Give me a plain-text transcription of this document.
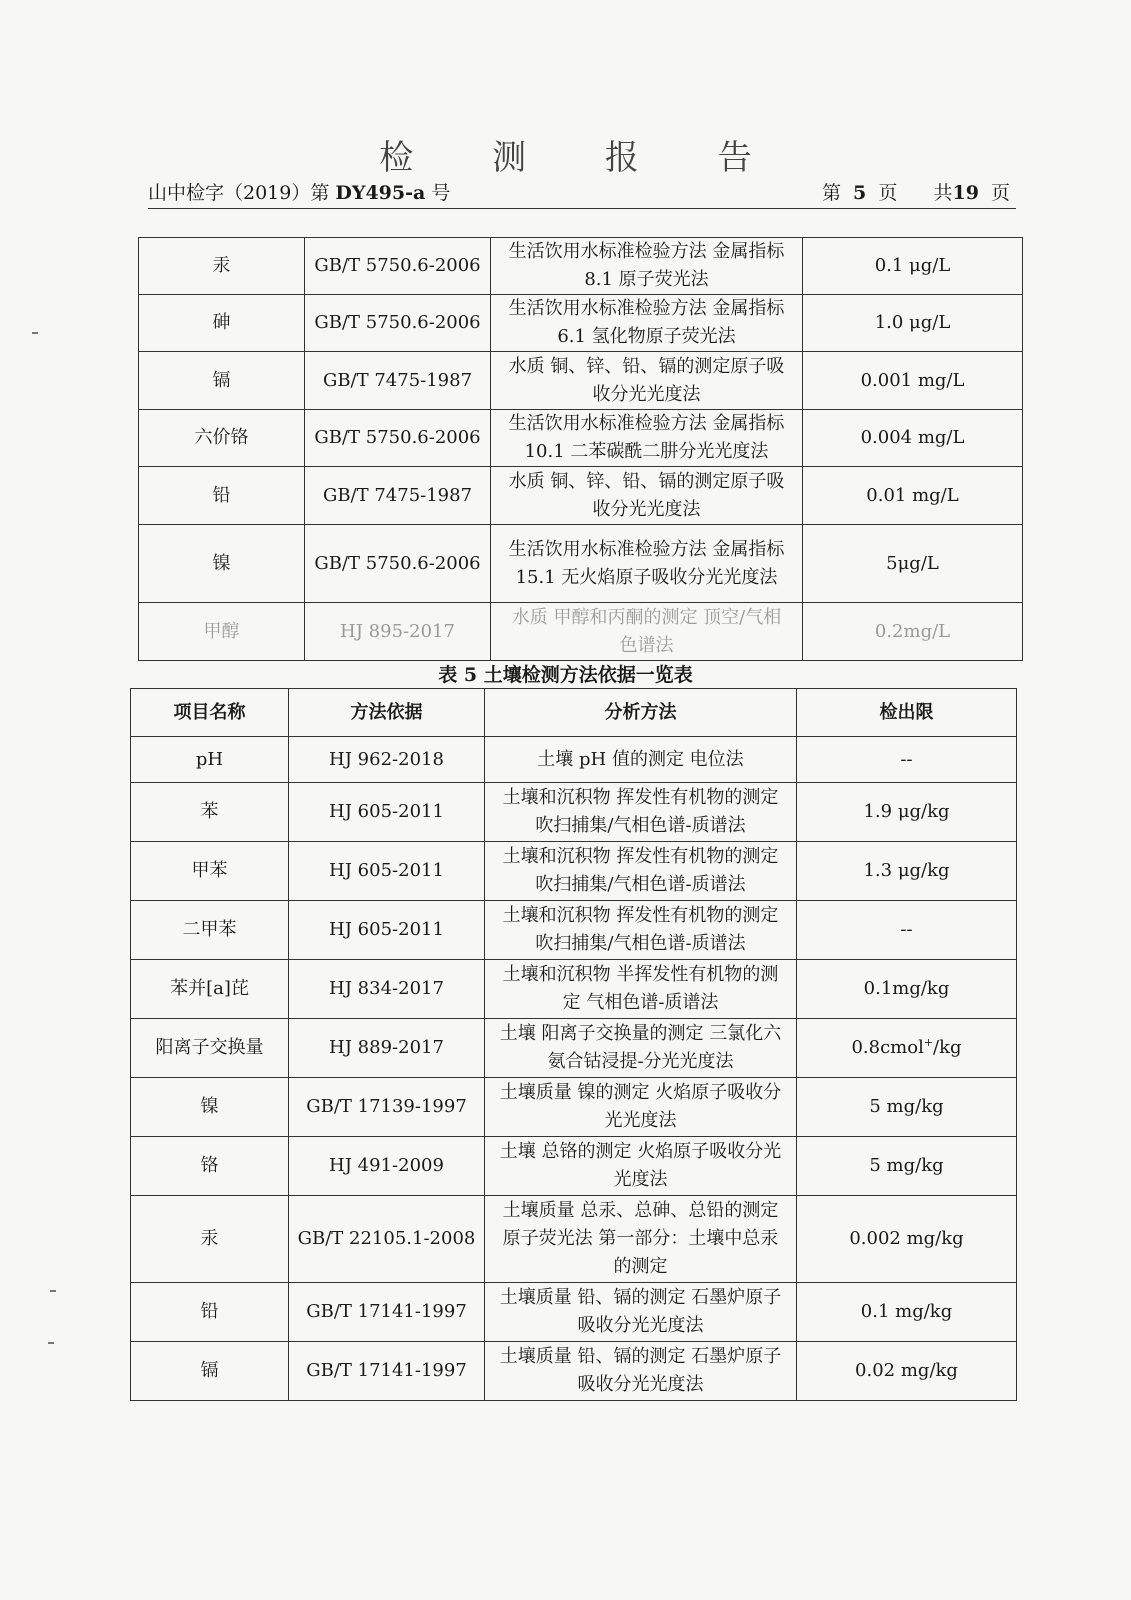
检 测 报 告
山中检字（2019）第 DY495-a 号	第 5 页 共19 页
汞	GB/T 5750.6-2006	生活饮用水标准检验方法 金属指标 8.1 原子荧光法	0.1 μg/L
砷	GB/T 5750.6-2006	生活饮用水标准检验方法 金属指标 6.1 氢化物原子荧光法	1.0 μg/L
镉	GB/T 7475-1987	水质 铜、锌、铅、镉的测定原子吸收分光光度法	0.001 mg/L
六价铬	GB/T 5750.6-2006	生活饮用水标准检验方法 金属指标 10.1 二苯碳酰二肼分光光度法	0.004 mg/L
铅	GB/T 7475-1987	水质 铜、锌、铅、镉的测定原子吸收分光光度法	0.01 mg/L
镍	GB/T 5750.6-2006	生活饮用水标准检验方法 金属指标 15.1 无火焰原子吸收分光光度法	5μg/L
甲醇	HJ 895-2017	水质 甲醇和丙酮的测定 顶空/气相色谱法	0.2mg/L
表 5 土壤检测方法依据一览表
项目名称	方法依据	分析方法	检出限
pH	HJ 962-2018	土壤 pH 值的测定 电位法	--
苯	HJ 605-2011	土壤和沉积物 挥发性有机物的测定 吹扫捕集/气相色谱-质谱法	1.9 μg/kg
甲苯	HJ 605-2011	土壤和沉积物 挥发性有机物的测定 吹扫捕集/气相色谱-质谱法	1.3 μg/kg
二甲苯	HJ 605-2011	土壤和沉积物 挥发性有机物的测定 吹扫捕集/气相色谱-质谱法	--
苯并[a]芘	HJ 834-2017	土壤和沉积物 半挥发性有机物的测定 气相色谱-质谱法	0.1mg/kg
阳离子交换量	HJ 889-2017	土壤 阳离子交换量的测定 三氯化六氨合钴浸提-分光光度法	0.8cmol+/kg
镍	GB/T 17139-1997	土壤质量 镍的测定 火焰原子吸收分光光度法	5 mg/kg
铬	HJ 491-2009	土壤 总铬的测定 火焰原子吸收分光光度法	5 mg/kg
汞	GB/T 22105.1-2008	土壤质量 总汞、总砷、总铅的测定原子荧光法 第一部分：土壤中总汞的测定	0.002 mg/kg
铅	GB/T 17141-1997	土壤质量 铅、镉的测定 石墨炉原子吸收分光光度法	0.1 mg/kg
镉	GB/T 17141-1997	土壤质量 铅、镉的测定 石墨炉原子吸收分光光度法	0.02 mg/kg
